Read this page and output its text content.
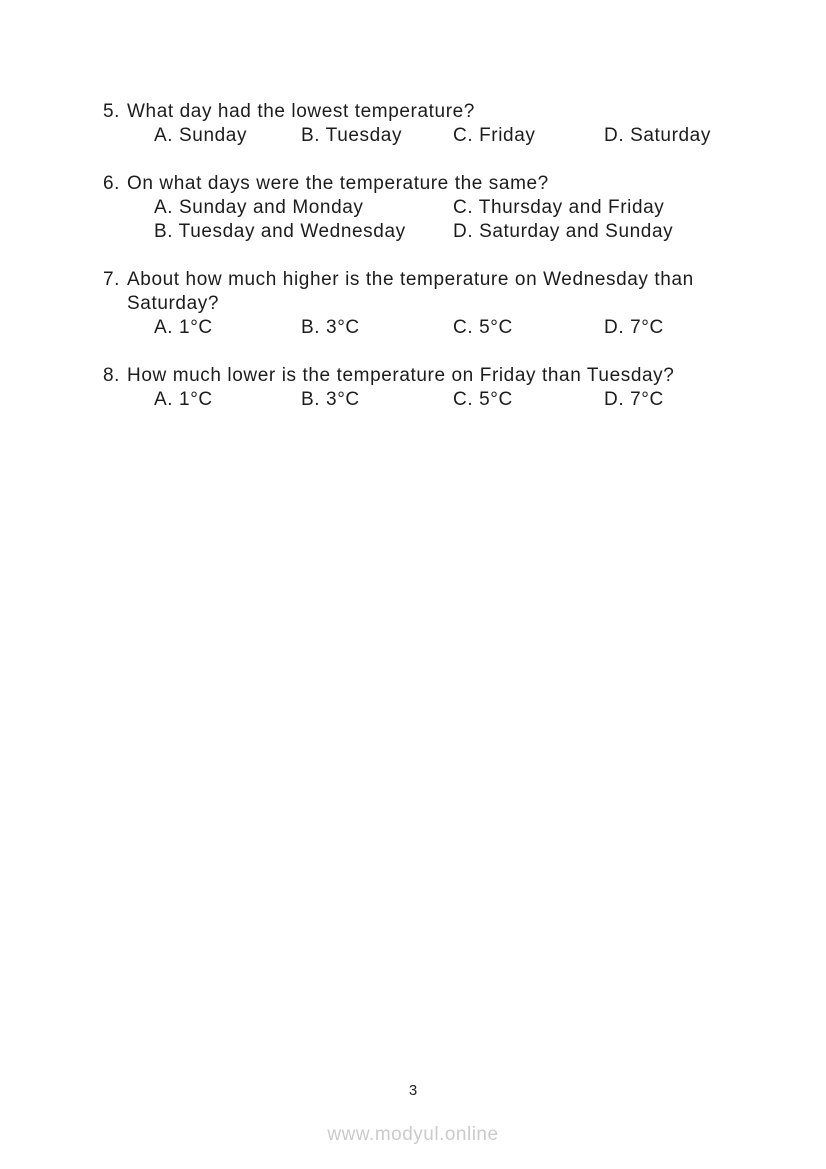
5. What day had the lowest temperature?
A. Sunday	B. Tuesday	C. Friday	D. Saturday
6. On what days were the temperature the same?
A. Sunday and Monday	C. Thursday and Friday
B. Tuesday and Wednesday	D. Saturday and Sunday
7. About how much higher is the temperature on Wednesday than
Saturday?
A. 1°C	B. 3°C	C. 5°C	D. 7°C
8. How much lower is the temperature on Friday than Tuesday?
A. 1°C	B. 3°C	C. 5°C	D. 7°C
3
www.modyul.online
